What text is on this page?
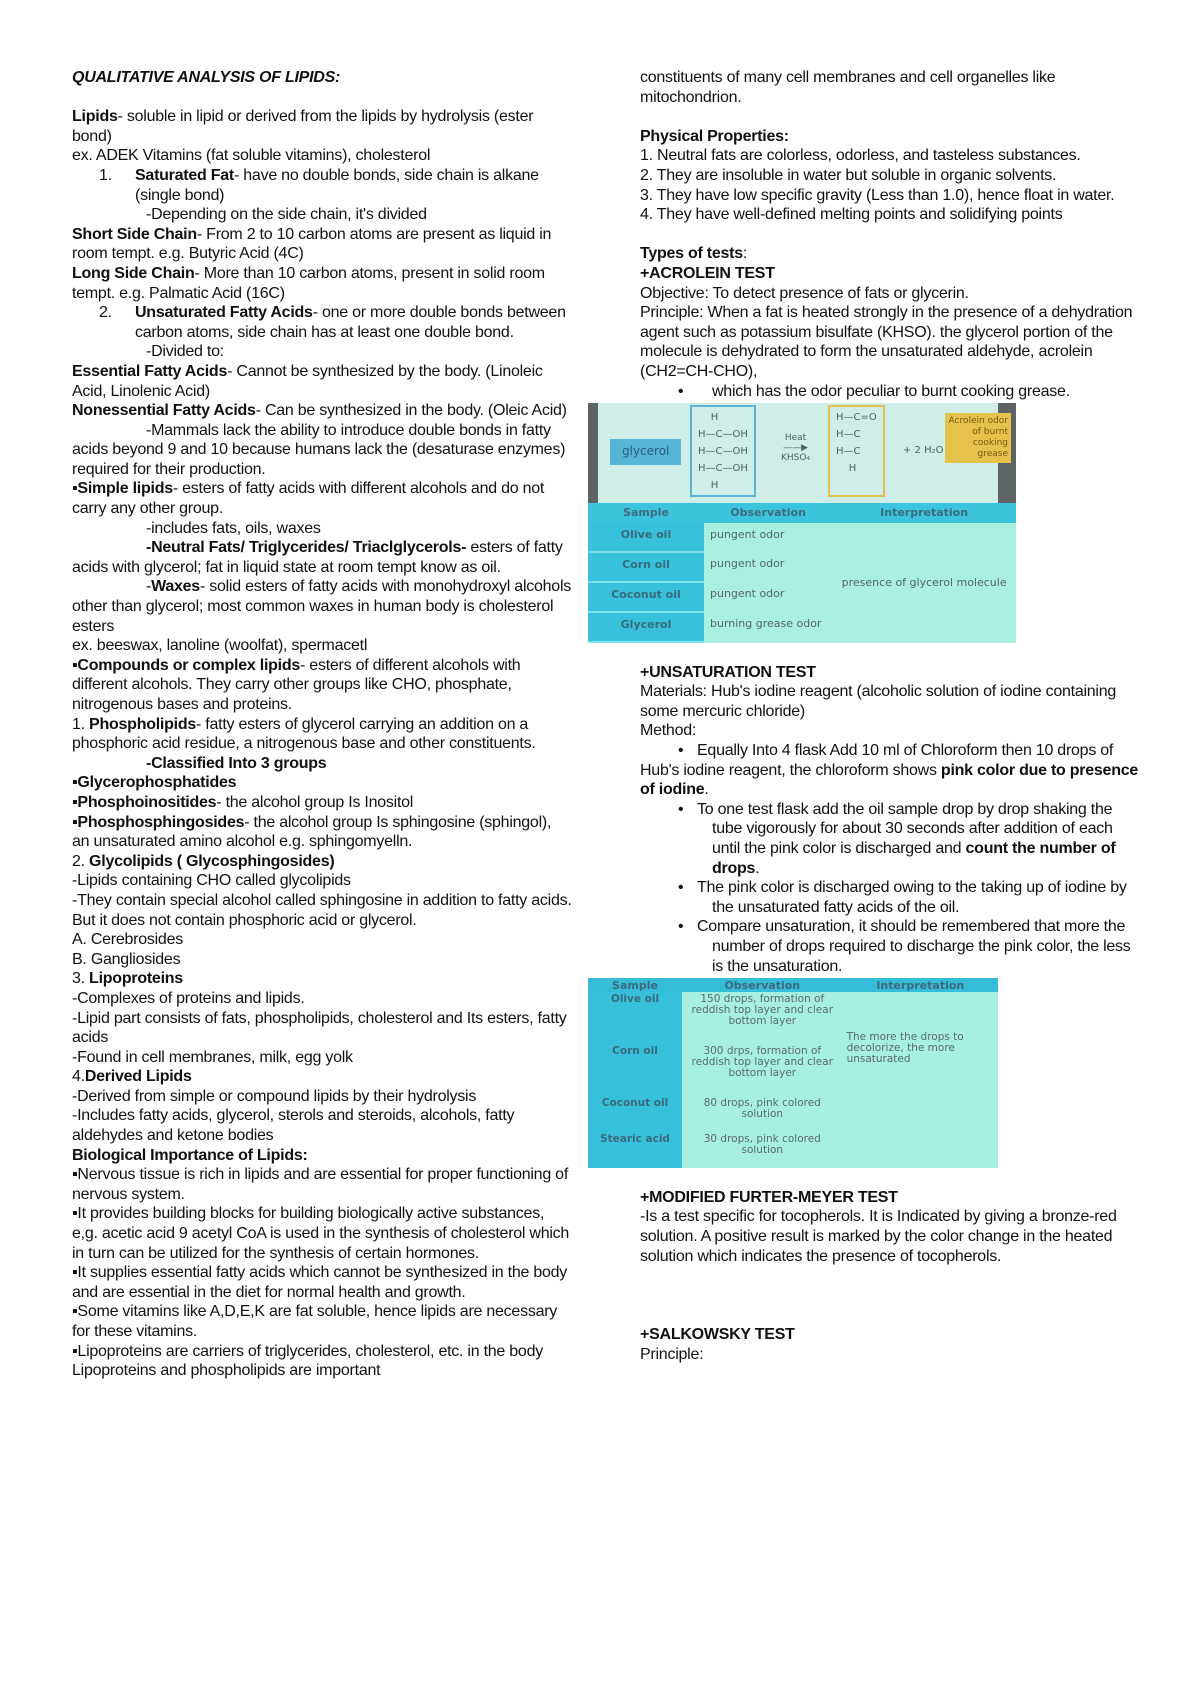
QUALITATIVE ANALYSIS OF LIPIDS:

Lipids- soluble in lipid or derived from the lipids by hydrolysis (ester bond)

ex. ADEK Vitamins (fat soluble vitamins), cholesterol

1. Saturated Fat- have no double bonds, side chain is alkane (single bond)

-Depending on the side chain, it's divided

Short Side Chain- From 2 to 10 carbon atoms are present as liquid in room tempt. e.g. Butyric Acid (4C)

Long Side Chain- More than 10 carbon atoms, present in solid room tempt. e.g. Palmatic Acid (16C)

2. Unsaturated Fatty Acids- one or more double bonds between carbon atoms, side chain has at least one double bond.

-Divided to:

Essential Fatty Acids- Cannot be synthesized by the body. (Linoleic Acid, Linolenic Acid)

Nonessential Fatty Acids- Can be synthesized in the body. (Oleic Acid)

-Mammals lack the ability to introduce double bonds in fatty acids beyond 9 and 10 because humans lack the (desaturase enzymes) required for their production.

▪Simple lipids- esters of fatty acids with different alcohols and do not carry any other group.

-includes fats, oils, waxes

-Neutral Fats/ Triglycerides/ Triaclglycerols- esters of fatty acids with glycerol; fat in liquid state at room tempt know as oil.

-Waxes- solid esters of fatty acids with monohydroxyl alcohols other than glycerol; most common waxes in human body is cholesterol esters

ex. beeswax, lanoline (woolfat), spermacetl

▪Compounds or complex lipids- esters of different alcohols with different alcohols. They carry other groups like CHO, phosphate, nitrogenous bases and proteins.

1. Phospholipids- fatty esters of glycerol carrying an addition on a phosphoric acid residue, a nitrogenous base and other constituents.

-Classified Into 3 groups

▪Glycerophosphatides

▪Phosphoinositides- the alcohol group Is Inositol

▪Phosphosphingosides- the alcohol group Is sphingosine (sphingol), an unsaturated amino alcohol e.g. sphingomyelln.

2. Glycolipids ( Glycosphingosides)

-Lipids containing CHO called glycolipids

-They contain special alcohol called sphingosine in addition to fatty acids. But it does not contain phosphoric acid or glycerol.

A. Cerebrosides

B. Gangliosides

3. Lipoproteins

-Complexes of proteins and lipids.

-Lipid part consists of fats, phospholipids, cholesterol and Its esters, fatty acids

-Found in cell membranes, milk, egg yolk

4.Derived Lipids

-Derived from simple or compound lipids by their hydrolysis

-Includes fatty acids, glycerol, sterols and steroids, alcohols, fatty aldehydes and ketone bodies

Biological Importance of Lipids:

▪Nervous tissue is rich in lipids and are essential for proper functioning of nervous system.

▪It provides building blocks for building biologically active substances, e,g. acetic acid 9 acetyl CoA is used in the synthesis of cholesterol which in turn can be utilized for the synthesis of certain hormones.

▪It supplies essential fatty acids which cannot be synthesized in the body and are essential in the diet for normal health and growth.

▪Some vitamins like A,D,E,K are fat soluble, hence lipids are necessary for these vitamins.

▪Lipoproteins are carriers of triglycerides, cholesterol, etc. in the body Lipoproteins and phospholipids are important

constituents of many cell membranes and cell organelles like mitochondrion.

Physical Properties:

1. Neutral fats are colorless, odorless, and tasteless substances.

2. They are insoluble in water but soluble in organic solvents.

3. They have low specific gravity (Less than 1.0), hence float in water.

4. They have well-defined melting points and solidifying points

Types of tests:

+ACROLEIN TEST

Objective: To detect presence of fats or glycerin.

Principle: When a fat is heated strongly in the presence of a dehydration agent such as potassium bisulfate (KHSO). the glycerol portion of the molecule is dehydrated to form the unsaturated aldehyde, acrolein (CH2=CH-CHO),

• which has the odor peculiar to burnt cooking grease.

glycerol
H
H—C—OH
H—C—OH
H—C—OH
H
Heat
——▶
KHSO₄
H—C=O
H—C
H—C
H
+ 2 H₂O
Acrolein odor of burnt cooking grease
Sample	Observation	Interpretation
Olive oil	pungent odor	presence of glycerol molecule
Corn oil	pungent odor	
Coconut oil	pungent odor	
Glycerol	burning grease odor	

+UNSATURATION TEST

Materials: Hub's iodine reagent (alcoholic solution of iodine containing some mercuric chloride)

Method:

• Equally Into 4 flask Add 10 ml of Chloroform then 10 drops of

Hub's iodine reagent, the chloroform shows pink color due to presence of iodine.

• To one test flask add the oil sample drop by drop shaking the tube vigorously for about 30 seconds after addition of each until the pink color is discharged and count the number of drops.

• The pink color is discharged owing to the taking up of iodine by the unsaturated fatty acids of the oil.

• Compare unsaturation, it should be remembered that more the number of drops required to discharge the pink color, the less is the unsaturation.

Sample	Observation	Interpretation
Olive oil	150 drops, formation of reddish top layer and clear bottom layer	The more the drops to decolorize, the more unsaturated
Corn oil	300 drps, formation of reddish top layer and clear bottom layer	
Coconut oil	80 drops, pink colored solution	
Stearic acid	30 drops, pink colored solution	

+MODIFIED FURTER-MEYER TEST

-Is a test specific for tocopherols. It is Indicated by giving a bronze-red solution. A positive result is marked by the color change in the heated solution which indicates the presence of tocopherols.

+SALKOWSKY TEST

Principle:
